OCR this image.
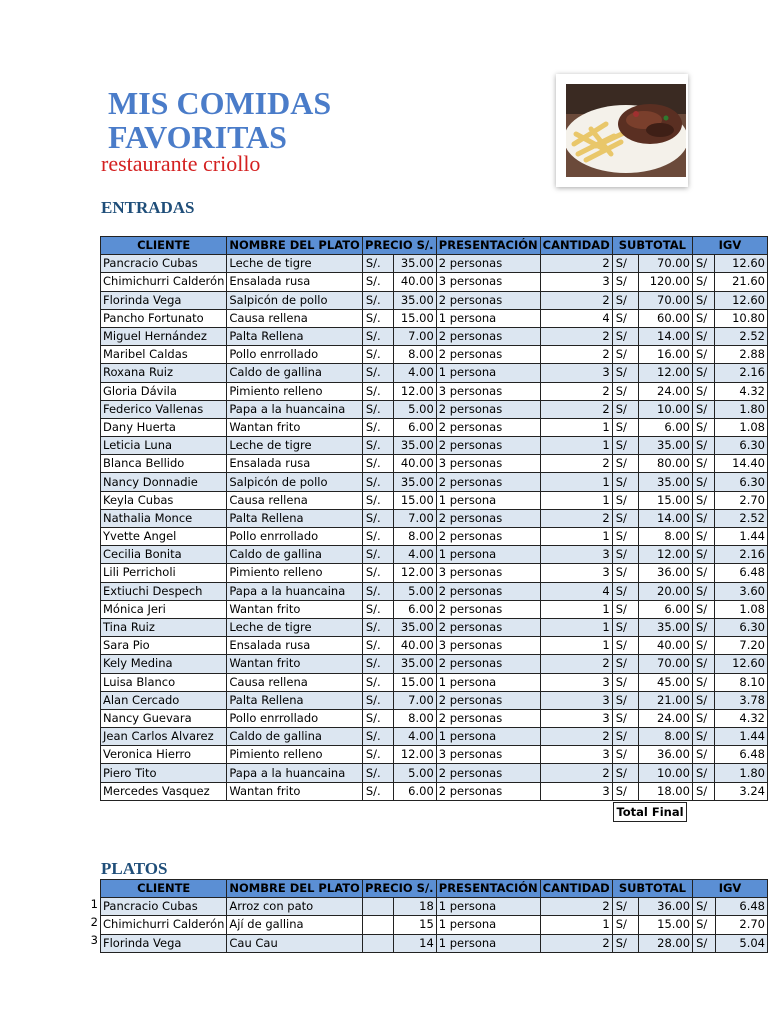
MIS COMIDAS
FAVORITAS
restaurante criollo
ENTRADAS
CLIENTE	NOMBRE DEL PLATO	PRECIO S/.		PRESENTACIÓN	CANTIDAD	SUBTOTAL		IGV	
Pancracio Cubas	Leche de tigre	S/.	35.00	2 personas	2	S/	70.00	S/	12.60
Chimichurri Calderón	Ensalada rusa	S/.	40.00	3 personas	3	S/	120.00	S/	21.60
Florinda Vega	Salpicón de pollo	S/.	35.00	2 personas	2	S/	70.00	S/	12.60
Pancho Fortunato	Causa rellena	S/.	15.00	1 persona	4	S/	60.00	S/	10.80
Miguel Hernández	Palta Rellena	S/.	7.00	2 personas	2	S/	14.00	S/	2.52
Maribel Caldas	Pollo enrrollado	S/.	8.00	2 personas	2	S/	16.00	S/	2.88
Roxana Ruiz	Caldo de gallina	S/.	4.00	1 persona	3	S/	12.00	S/	2.16
Gloria Dávila	Pimiento relleno	S/.	12.00	3 personas	2	S/	24.00	S/	4.32
Federico Vallenas	Papa a la huancaina	S/.	5.00	2 personas	2	S/	10.00	S/	1.80
Dany Huerta	Wantan frito	S/.	6.00	2 personas	1	S/	6.00	S/	1.08
Leticia Luna	Leche de tigre	S/.	35.00	2 personas	1	S/	35.00	S/	6.30
Blanca Bellido	Ensalada rusa	S/.	40.00	3 personas	2	S/	80.00	S/	14.40
Nancy Donnadie	Salpicón de pollo	S/.	35.00	2 personas	1	S/	35.00	S/	6.30
Keyla Cubas	Causa rellena	S/.	15.00	1 persona	1	S/	15.00	S/	2.70
Nathalia Monce	Palta Rellena	S/.	7.00	2 personas	2	S/	14.00	S/	2.52
Yvette Angel	Pollo enrrollado	S/.	8.00	2 personas	1	S/	8.00	S/	1.44
Cecilia Bonita	Caldo de gallina	S/.	4.00	1 persona	3	S/	12.00	S/	2.16
Lili Perricholi	Pimiento relleno	S/.	12.00	3 personas	3	S/	36.00	S/	6.48
Extiuchi Despech	Papa a la huancaina	S/.	5.00	2 personas	4	S/	20.00	S/	3.60
Mónica Jeri	Wantan frito	S/.	6.00	2 personas	1	S/	6.00	S/	1.08
Tina Ruiz	Leche de tigre	S/.	35.00	2 personas	1	S/	35.00	S/	6.30
Sara Pio	Ensalada rusa	S/.	40.00	3 personas	1	S/	40.00	S/	7.20
Kely Medina	Wantan frito	S/.	35.00	2 personas	2	S/	70.00	S/	12.60
Luisa Blanco	Causa rellena	S/.	15.00	1 persona	3	S/	45.00	S/	8.10
Alan Cercado	Palta Rellena	S/.	7.00	2 personas	3	S/	21.00	S/	3.78
Nancy Guevara	Pollo enrrollado	S/.	8.00	2 personas	3	S/	24.00	S/	4.32
Jean Carlos Alvarez	Caldo de gallina	S/.	4.00	1 persona	2	S/	8.00	S/	1.44
Veronica Hierro	Pimiento relleno	S/.	12.00	3 personas	3	S/	36.00	S/	6.48
Piero Tito	Papa a la huancaina	S/.	5.00	2 personas	2	S/	10.00	S/	1.80
Mercedes Vasquez	Wantan frito	S/.	6.00	2 personas	3	S/	18.00	S/	3.24
Total Final
PLATOS
1
2
3
CLIENTE	NOMBRE DEL PLATO	PRECIO S/.		PRESENTACIÓN	CANTIDAD	SUBTOTAL		IGV	
Pancracio Cubas	Arroz con pato		18	1 persona	2	S/	36.00	S/	6.48
Chimichurri Calderón	Ají de gallina		15	1 persona	1	S/	15.00	S/	2.70
Florinda Vega	Cau Cau		14	1 persona	2	S/	28.00	S/	5.04
